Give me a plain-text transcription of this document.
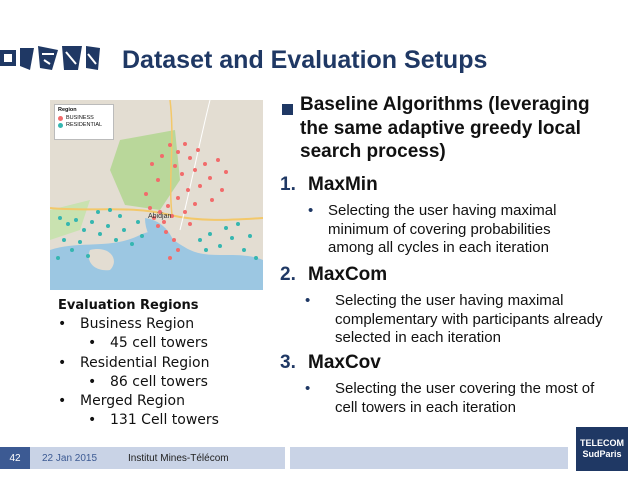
Dataset and Evaluation Setups
Abidjan
Region
BUSINESS
RESIDENTIAL
Evaluation Regions
• Business Region
• 45 cell towers
• Residential Region
• 86 cell towers
• Merged Region
• 131 Cell towers
Baseline Algorithms (leveraging the same adaptive greedy local search process)
1. MaxMin
• Selecting the user having maximal minimum of covering probabilities among all cycles in each iteration
2. MaxCom
• Selecting the user having maximal complementary with participants already selected in each iteration
3. MaxCov
• Selecting the user covering the most of cell towers in each iteration
42	22 Jan 2015	Institut Mines-Télécom
TELECOM
SudParis
